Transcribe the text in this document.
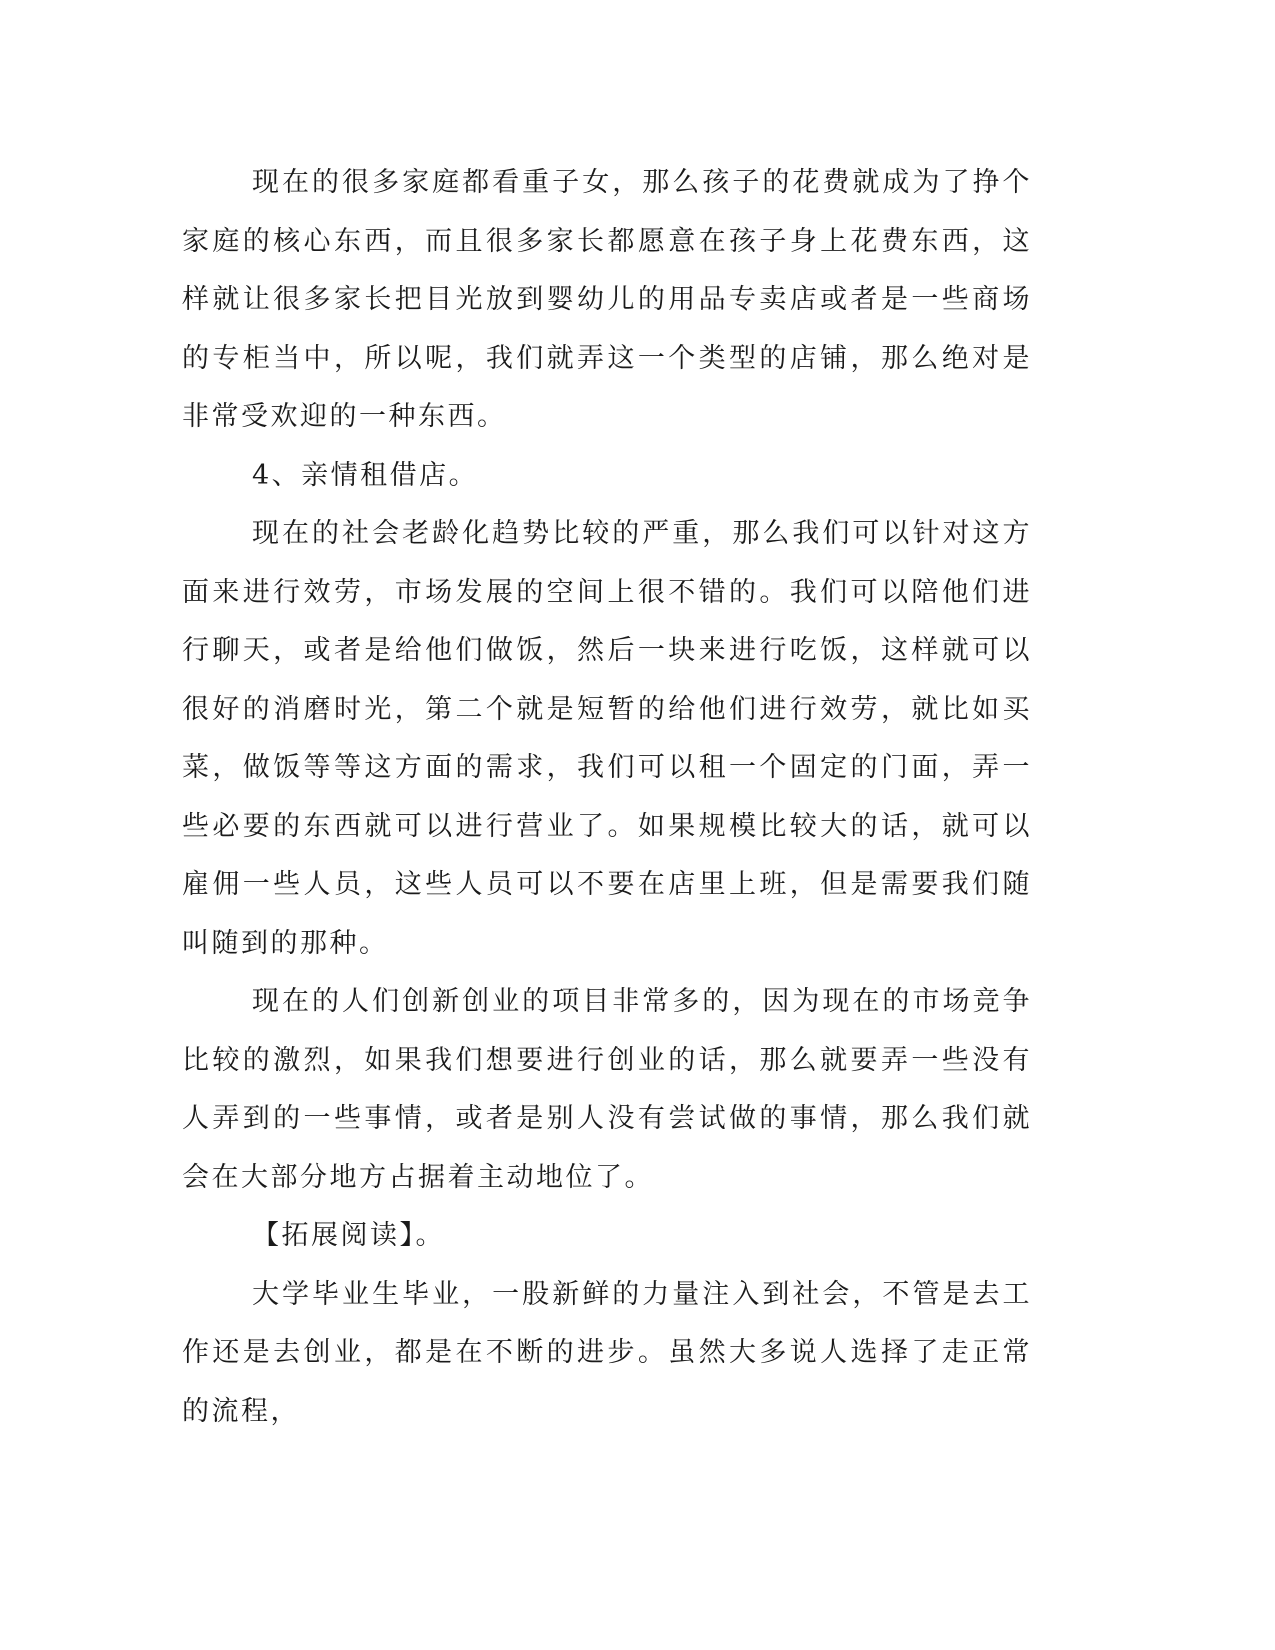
现在的很多家庭都看重子女，那么孩子的花费就成为了挣个家庭的核心东西，而且很多家长都愿意在孩子身上花费东西，这样就让很多家长把目光放到婴幼儿的用品专卖店或者是一些商场的专柜当中，所以呢，我们就弄这一个类型的店铺，那么绝对是非常受欢迎的一种东西。

4、亲情租借店。

现在的社会老龄化趋势比较的严重，那么我们可以针对这方面来进行效劳，市场发展的空间上很不错的。我们可以陪他们进行聊天，或者是给他们做饭，然后一块来进行吃饭，这样就可以很好的消磨时光，第二个就是短暂的给他们进行效劳，就比如买菜，做饭等等这方面的需求，我们可以租一个固定的门面，弄一些必要的东西就可以进行营业了。如果规模比较大的话，就可以雇佣一些人员，这些人员可以不要在店里上班，但是需要我们随叫随到的那种。

现在的人们创新创业的项目非常多的，因为现在的市场竞争比较的激烈，如果我们想要进行创业的话，那么就要弄一些没有人弄到的一些事情，或者是别人没有尝试做的事情，那么我们就会在大部分地方占据着主动地位了。

【拓展阅读】。

大学毕业生毕业，一股新鲜的力量注入到社会，不管是去工作还是去创业，都是在不断的进步。虽然大多说人选择了走正常的流程，
